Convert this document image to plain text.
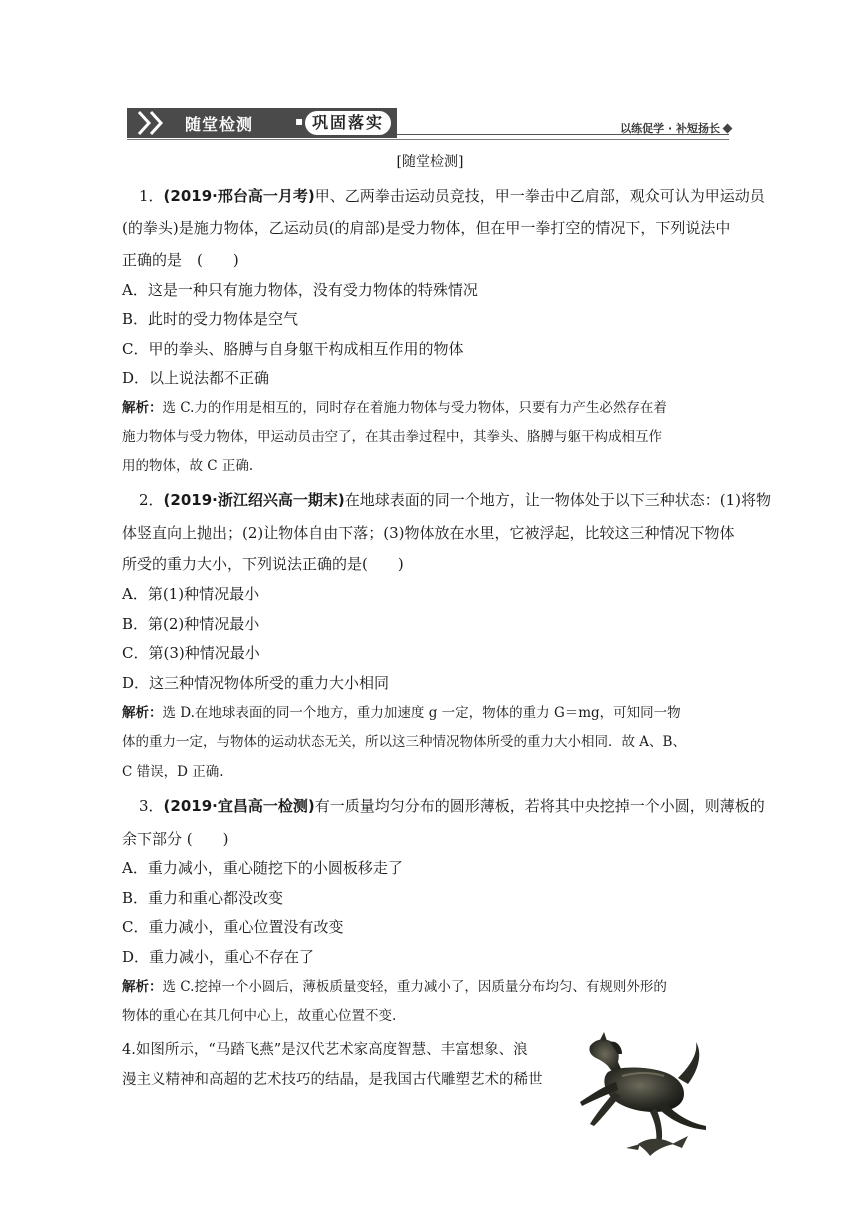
随堂检测	▪ 巩固落实	以练促学 · 补短扬长
[随堂检测]
1．(2019·邢台高一月考)甲、乙两拳击运动员竞技，甲一拳击中乙肩部，观众可认为甲运动员
(的拳头)是施力物体，乙运动员(的肩部)是受力物体，但在甲一拳打空的情况下，下列说法中
正确的是　(　　)
A．这是一种只有施力物体，没有受力物体的特殊情况
B．此时的受力物体是空气
C．甲的拳头、胳膊与自身躯干构成相互作用的物体
D．以上说法都不正确
解析：选 C.力的作用是相互的，同时存在着施力物体与受力物体，只要有力产生必然存在着
施力物体与受力物体，甲运动员击空了，在其击拳过程中，其拳头、胳膊与躯干构成相互作
用的物体，故 C 正确.
2．(2019·浙江绍兴高一期末)在地球表面的同一个地方，让一物体处于以下三种状态：(1)将物
体竖直向上抛出；(2)让物体自由下落；(3)物体放在水里，它被浮起，比较这三种情况下物体
所受的重力大小，下列说法正确的是(　　)
A．第(1)种情况最小
B．第(2)种情况最小
C．第(3)种情况最小
D．这三种情况物体所受的重力大小相同
解析：选 D.在地球表面的同一个地方，重力加速度 g 一定，物体的重力 G＝mg，可知同一物
体的重力一定，与物体的运动状态无关，所以这三种情况物体所受的重力大小相同．故 A、B、
C 错误，D 正确.
3．(2019·宜昌高一检测)有一质量均匀分布的圆形薄板，若将其中央挖掉一个小圆，则薄板的
余下部分 (　　)
A．重力减小，重心随挖下的小圆板移走了
B．重力和重心都没改变
C．重力减小，重心位置没有改变
D．重力减小，重心不存在了
解析：选 C.挖掉一个小圆后，薄板质量变轻，重力减小了，因质量分布均匀、有规则外形的
物体的重心在其几何中心上，故重心位置不变.
4.如图所示，“马踏飞燕”是汉代艺术家高度智慧、丰富想象、浪
漫主义精神和高超的艺术技巧的结晶，是我国古代雕塑艺术的稀世
